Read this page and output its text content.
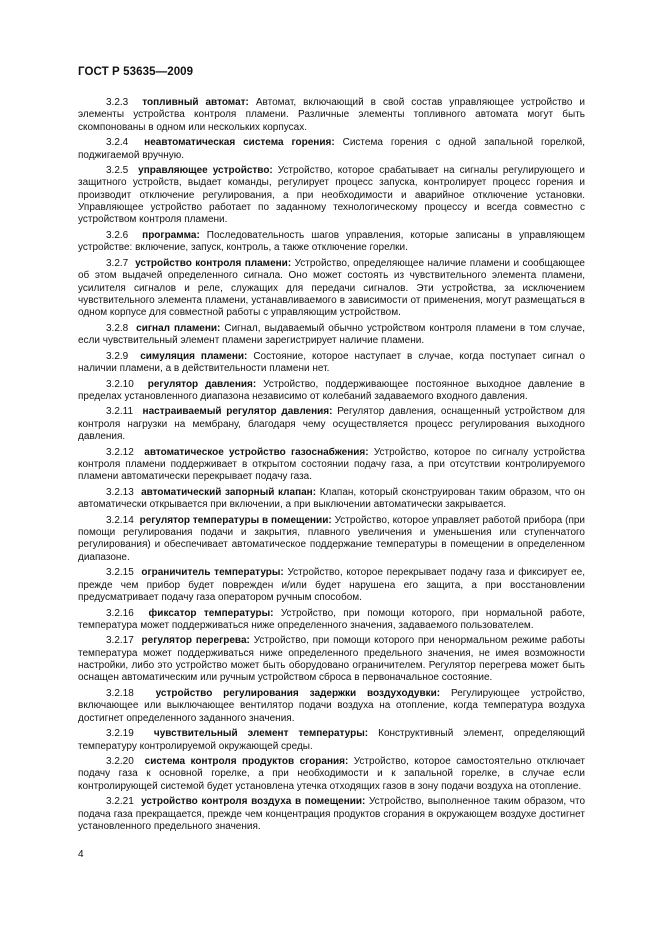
ГОСТ Р 53635—2009

3.2.3 топливный автомат: Автомат, включающий в свой состав управляющее устройство и элементы устройства контроля пламени. Различные элементы топливного автомата могут быть скомпонованы в одном или нескольких корпусах.

3.2.4 неавтоматическая система горения: Система горения с одной запальной горелкой, поджигаемой вручную.

3.2.5 управляющее устройство: Устройство, которое срабатывает на сигналы регулирующего и защитного устройств, выдает команды, регулирует процесс запуска, контролирует процесс горения и производит отключение регулирования, а при необходимости и аварийное отключение установки. Управляющее устройство работает по заданному технологическому процессу и всегда совместно с устройством контроля пламени.

3.2.6 программа: Последовательность шагов управления, которые записаны в управляющем устройстве: включение, запуск, контроль, а также отключение горелки.

3.2.7 устройство контроля пламени: Устройство, определяющее наличие пламени и сообщающее об этом выдачей определенного сигнала. Оно может состоять из чувствительного элемента пламени, усилителя сигналов и реле, служащих для передачи сигналов. Эти устройства, за исключением чувствительного элемента пламени, устанавливаемого в зависимости от применения, могут размещаться в одном корпусе для совместной работы с управляющим устройством.

3.2.8 сигнал пламени: Сигнал, выдаваемый обычно устройством контроля пламени в том случае, если чувствительный элемент пламени зарегистрирует наличие пламени.

3.2.9 симуляция пламени: Состояние, которое наступает в случае, когда поступает сигнал о наличии пламени, а в действительности пламени нет.

3.2.10 регулятор давления: Устройство, поддерживающее постоянное выходное давление в пределах установленного диапазона независимо от колебаний задаваемого входного давления.

3.2.11 настраиваемый регулятор давления: Регулятор давления, оснащенный устройством для контроля нагрузки на мембрану, благодаря чему осуществляется процесс регулирования выходного давления.

3.2.12 автоматическое устройство газоснабжения: Устройство, которое по сигналу устройства контроля пламени поддерживает в открытом состоянии подачу газа, а при отсутствии контролируемого пламени автоматически перекрывает подачу газа.

3.2.13 автоматический запорный клапан: Клапан, который сконструирован таким образом, что он автоматически открывается при включении, а при выключении автоматически закрывается.

3.2.14 регулятор температуры в помещении: Устройство, которое управляет работой прибора (при помощи регулирования подачи и закрытия, плавного увеличения и уменьшения или ступенчатого регулирования) и обеспечивает автоматическое поддержание температуры в помещении в определенном диапазоне.

3.2.15 ограничитель температуры: Устройство, которое перекрывает подачу газа и фиксирует ее, прежде чем прибор будет поврежден и/или будет нарушена его защита, а при восстановлении предусматривает подачу газа оператором ручным способом.

3.2.16 фиксатор температуры: Устройство, при помощи которого, при нормальной работе, температура может поддерживаться ниже определенного значения, задаваемого пользователем.

3.2.17 регулятор перегрева: Устройство, при помощи которого при ненормальном режиме работы температура может поддерживаться ниже определенного предельного значения, не имея возможности настройки, либо это устройство может быть оборудовано ограничителем. Регулятор перегрева может быть оснащен автоматическим или ручным устройством сброса в первоначальное состояние.

3.2.18 устройство регулирования задержки воздуходувки: Регулирующее устройство, включающее или выключающее вентилятор подачи воздуха на отопление, когда температура воздуха достигнет определенного заданного значения.

3.2.19 чувствительный элемент температуры: Конструктивный элемент, определяющий температуру контролируемой окружающей среды.

3.2.20 система контроля продуктов сгорания: Устройство, которое самостоятельно отключает подачу газа к основной горелке, а при необходимости и к запальной горелке, в случае если контролирующей системой будет установлена утечка отходящих газов в зону подачи воздуха на отопление.

3.2.21 устройство контроля воздуха в помещении: Устройство, выполненное таким образом, что подача газа прекращается, прежде чем концентрация продуктов сгорания в окружающем воздухе достигнет установленного предельного значения.

4
